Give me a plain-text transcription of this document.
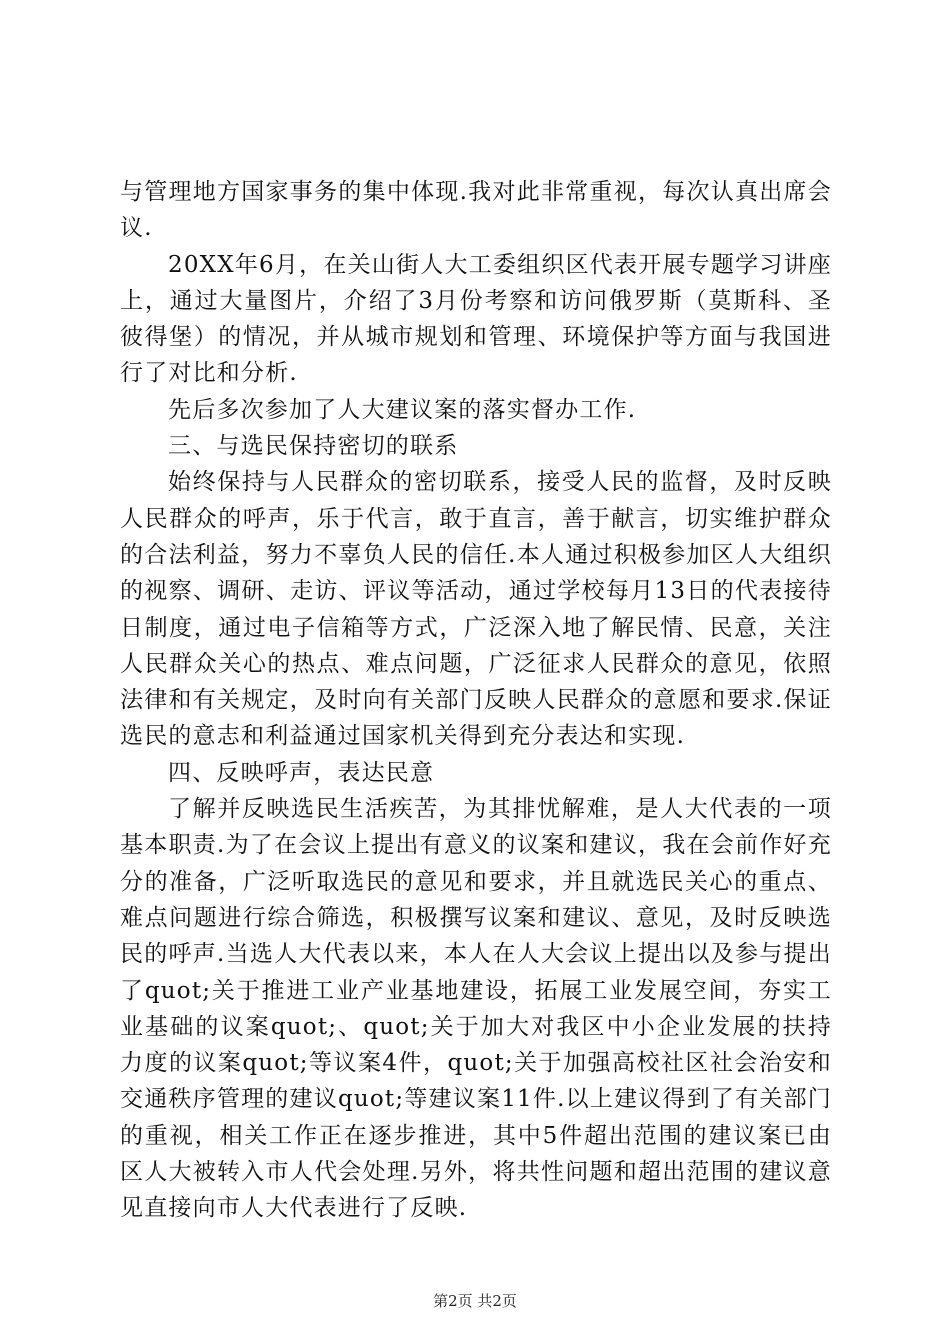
与管理地方国家事务的集中体现.我对此非常重视，每次认真出席会议.

20XX年6月，在关山街人大工委组织区代表开展专题学习讲座上，通过大量图片，介绍了3月份考察和访问俄罗斯（莫斯科、圣彼得堡）的情况，并从城市规划和管理、环境保护等方面与我国进行了对比和分析.

先后多次参加了人大建议案的落实督办工作.

三、与选民保持密切的联系

始终保持与人民群众的密切联系，接受人民的监督，及时反映人民群众的呼声，乐于代言，敢于直言，善于献言，切实维护群众的合法利益，努力不辜负人民的信任.本人通过积极参加区人大组织的视察、调研、走访、评议等活动，通过学校每月13日的代表接待日制度，通过电子信箱等方式，广泛深入地了解民情、民意，关注人民群众关心的热点、难点问题，广泛征求人民群众的意见，依照法律和有关规定，及时向有关部门反映人民群众的意愿和要求.保证选民的意志和利益通过国家机关得到充分表达和实现.

四、反映呼声，表达民意

了解并反映选民生活疾苦，为其排忧解难，是人大代表的一项基本职责.为了在会议上提出有意义的议案和建议，我在会前作好充分的准备，广泛听取选民的意见和要求，并且就选民关心的重点、难点问题进行综合筛选，积极撰写议案和建议、意见，及时反映选民的呼声.当选人大代表以来，本人在人大会议上提出以及参与提出了quot;关于推进工业产业基地建设，拓展工业发展空间，夯实工业基础的议案quot;、quot;关于加大对我区中小企业发展的扶持力度的议案quot;等议案4件，quot;关于加强高校社区社会治安和交通秩序管理的建议quot;等建议案11件.以上建议得到了有关部门的重视，相关工作正在逐步推进，其中5件超出范围的建议案已由区人大被转入市人代会处理.另外，将共性问题和超出范围的建议意见直接向市人大代表进行了反映.

第2页 共2页
